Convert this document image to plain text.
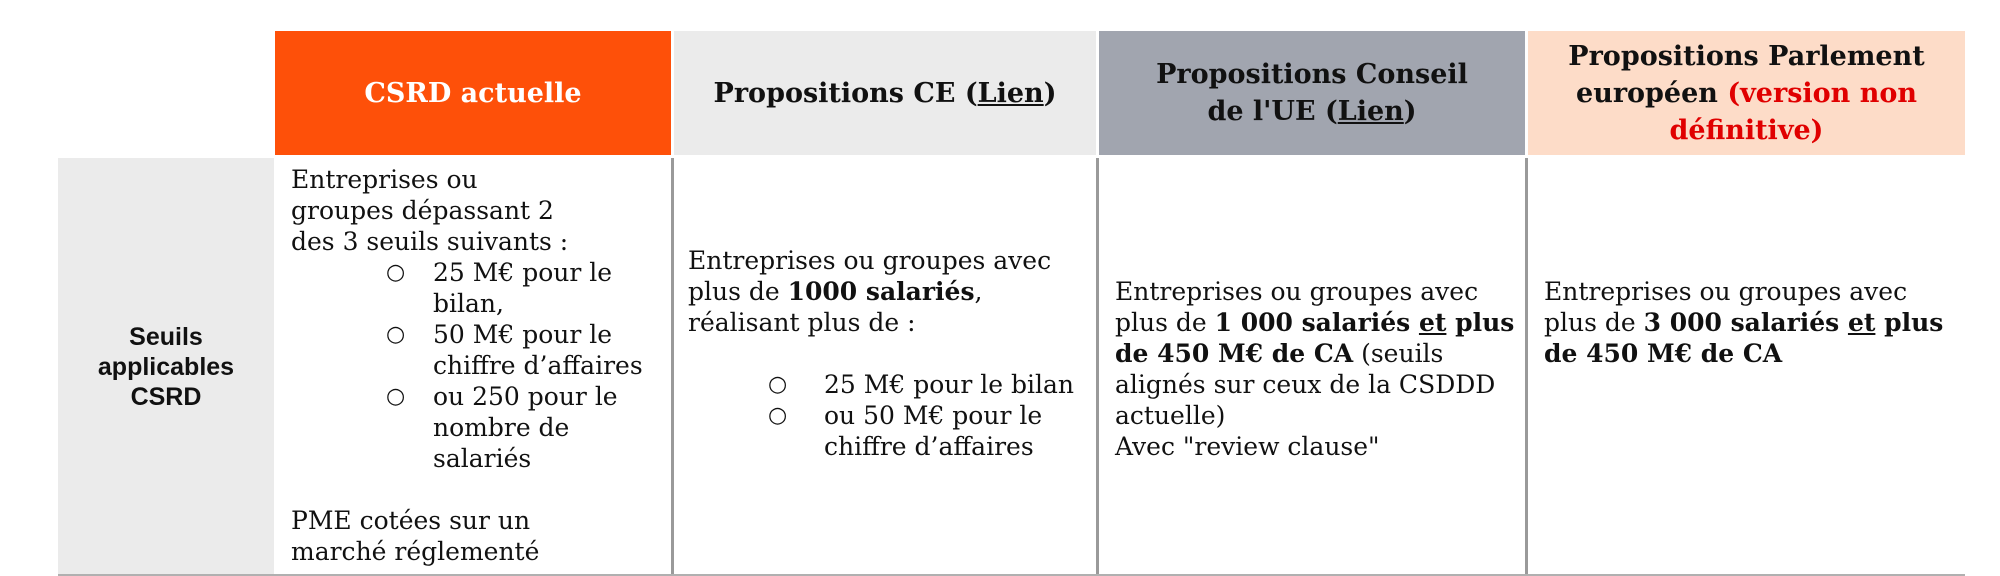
CSRD actuelle	Propositions CE (Lien)
Propositions Conseil
de l'UE (Lien)
Propositions Parlement européen (version non définitive)
Seuils applicables CSRD
Entreprises ou groupes dépassant 2 des 3 seuils suivants :
○ 25 M€ pour le bilan,
○ 50 M€ pour le chiffre d’affaires
○ ou 250 pour le nombre de salariés
PME cotées sur un marché réglementé
Entreprises ou groupes avec plus de 1000 salariés, réalisant plus de :
○ 25 M€ pour le bilan
○ ou 50 M€ pour le chiffre d’affaires
Entreprises ou groupes avec plus de 1 000 salariés et plus de 450 M€ de CA (seuils alignés sur ceux de la CSDDD actuelle)
Avec "review clause"
Entreprises ou groupes avec plus de 3 000 salariés et plus de 450 M€ de CA
